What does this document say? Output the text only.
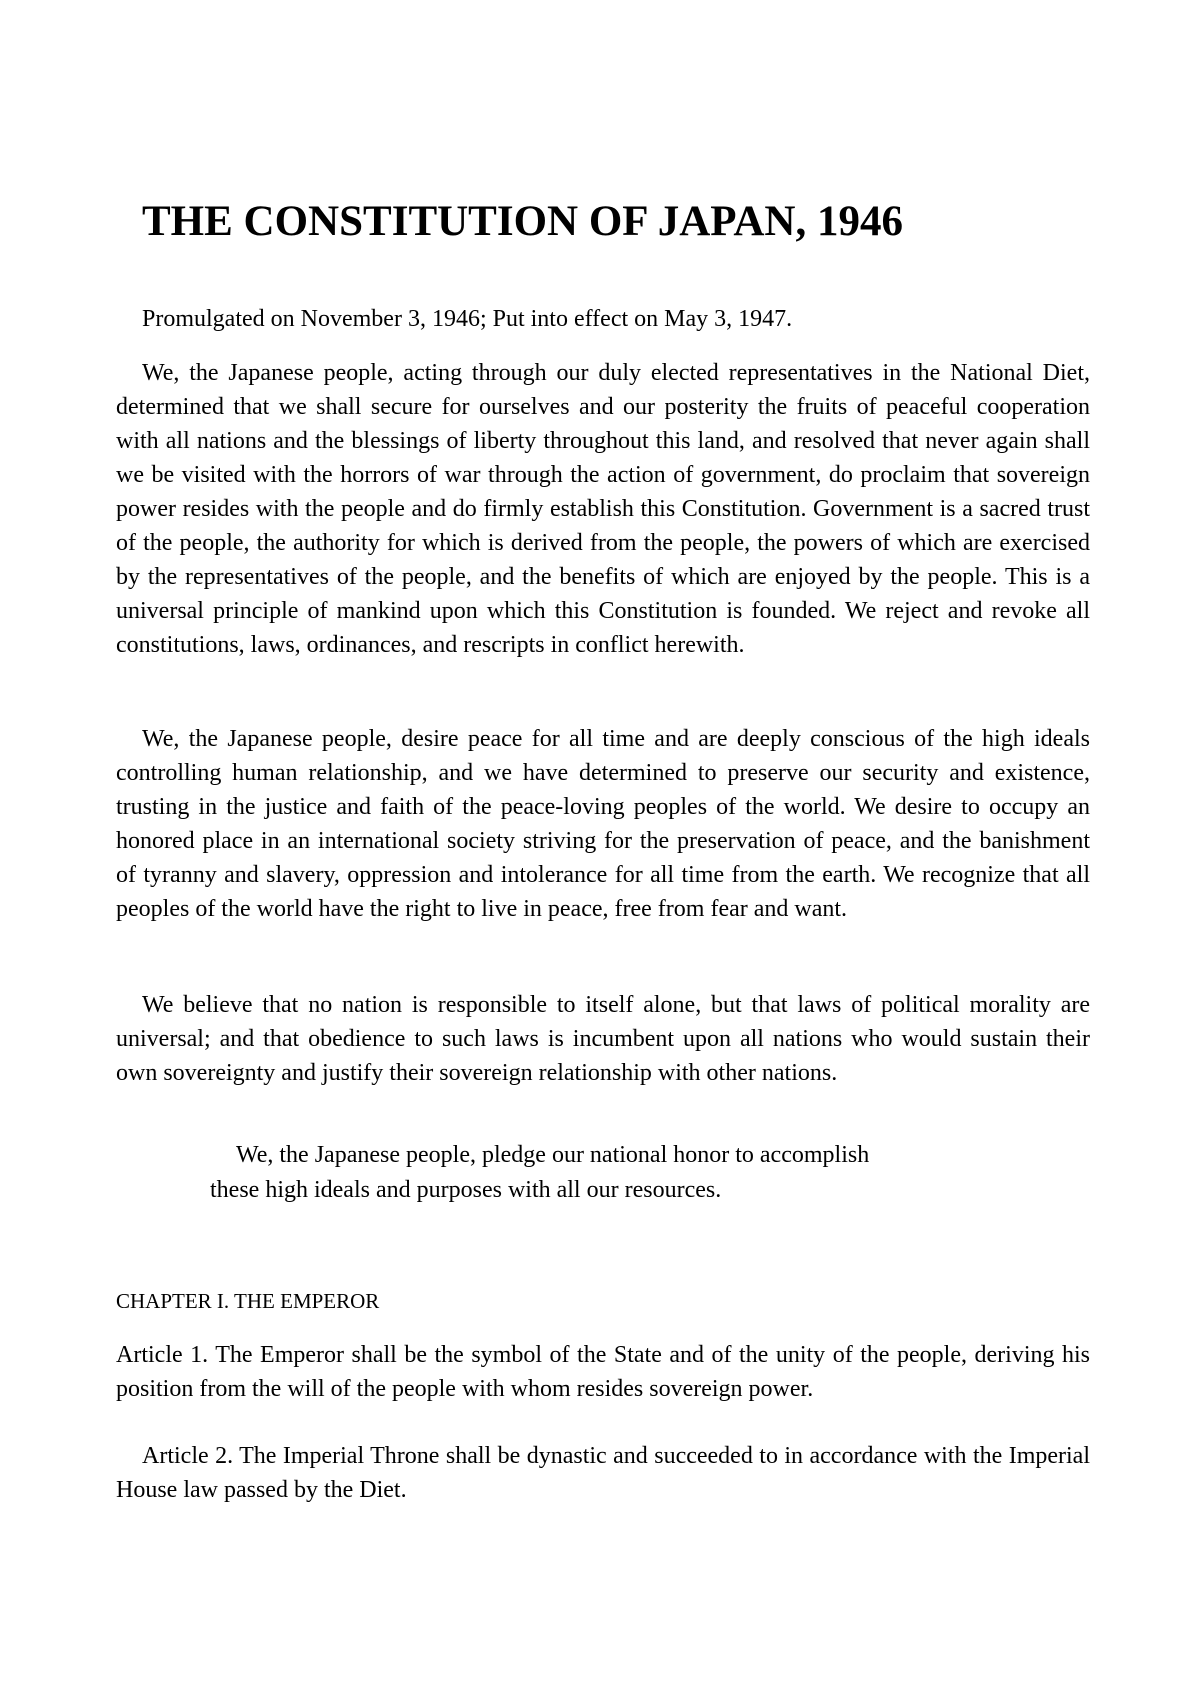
THE CONSTITUTION OF JAPAN, 1946

Promulgated on November 3, 1946; Put into effect on May 3, 1947.

We, the Japanese people, acting through our duly elected representatives in the National Diet, determined that we shall secure for ourselves and our posterity the fruits of peaceful cooperation with all nations and the blessings of liberty throughout this land, and resolved that never again shall we be visited with the horrors of war through the action of government, do proclaim that sovereign power resides with the people and do firmly establish this Constitution. Government is a sacred trust of the people, the authority for which is derived from the people, the powers of which are exercised by the representatives of the people, and the benefits of which are enjoyed by the people. This is a universal principle of mankind upon which this Constitution is founded. We reject and revoke all constitutions, laws, ordinances, and rescripts in conflict herewith.

We, the Japanese people, desire peace for all time and are deeply conscious of the high ideals controlling human relationship, and we have determined to preserve our security and existence, trusting in the justice and faith of the peace-loving peoples of the world. We desire to occupy an honored place in an international society striving for the preservation of peace, and the banishment of tyranny and slavery, oppression and intolerance for all time from the earth. We recognize that all peoples of the world have the right to live in peace, free from fear and want.

We believe that no nation is responsible to itself alone, but that laws of political morality are universal; and that obedience to such laws is incumbent upon all nations who would sustain their own sovereignty and justify their sovereign relationship with other nations.

We, the Japanese people, pledge our national honor to accomplish
these high ideals and purposes with all our resources.

CHAPTER I. THE EMPEROR

Article 1. The Emperor shall be the symbol of the State and of the unity of the people, deriving his position from the will of the people with whom resides sovereign power.

Article 2. The Imperial Throne shall be dynastic and succeeded to in accordance with the Imperial House law passed by the Diet.
